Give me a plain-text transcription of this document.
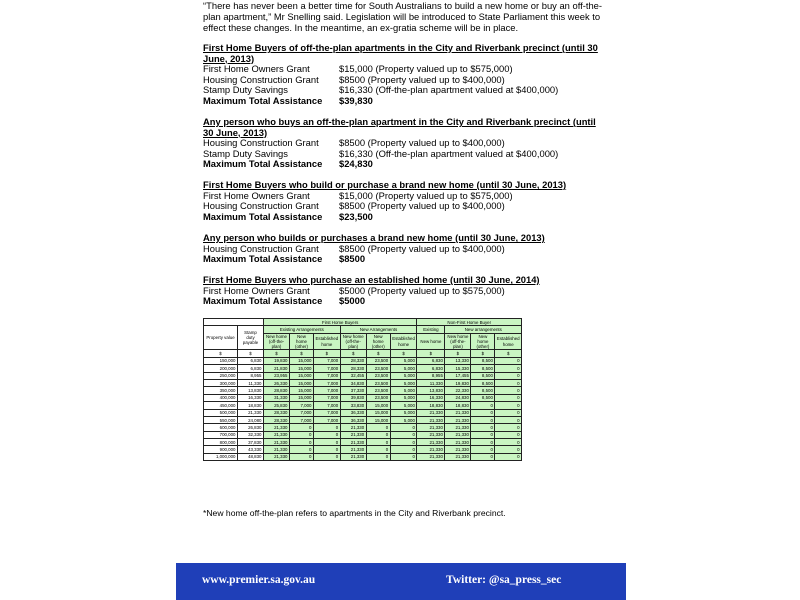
“There has never been a better time for South Australians to build a new home or buy an off-the-plan apartment,” Mr Snelling said. Legislation will be introduced to State Parliament this week to effect these changes. In the meantime, an ex-gratia scheme will be in place.

First Home Buyers of off-the-plan apartments in the City and Riverbank precinct (until 30 June, 2013)

First Home Owners Grant	$15,000 (Property valued up to $575,000)
Housing Construction Grant	$8500 (Property valued up to $400,000)
Stamp Duty Savings	$16,330 (Off-the-plan apartment valued at $400,000)
Maximum Total Assistance	$39,830

Any person who buys an off-the-plan apartment in the City and Riverbank precinct (until 30 June, 2013)

Housing Construction Grant	$8500 (Property valued up to $400,000)
Stamp Duty Savings	$16,330 (Off-the-plan apartment valued at $400,000)
Maximum Total Assistance	$24,830

First Home Buyers who build or purchase a brand new home (until 30 June, 2013)

First Home Owners Grant	$15,000 (Property valued up to $575,000)
Housing Construction Grant	$8500 (Property valued up to $400,000)
Maximum Total Assistance	$23,500

Any person who builds or purchases a brand new home (until 30 June, 2013)

Housing Construction Grant	$8500 (Property valued up to $400,000)
Maximum Total Assistance	$8500

First Home Buyers who purchase an established home (until 30 June, 2014)

First Home Owners Grant	$5000 (Property valued up to $575,000)
Maximum Total Assistance	$5000
		First Home Buyers						Non-First Home Buyer			
Property value	Stamp duty payable	Existing Arrangements			New Arrangements			Existing	New arrangements		
		New home (off-the-plan)	New home (other)	Established home	New home (off-the-plan)	New home (other)	Established home	New home	New home (off-the-plan)	New home (other)	Established home
$	$	$	$	$	$	$	$	$	$	$	$
150,000	6,830	19,830	15,000	7,000	28,330	23,500	5,000	6,830	13,330	8,500	0
200,000	6,830	21,830	15,000	7,000	28,330	23,500	5,000	6,830	15,330	8,500	0
250,000	8,955	23,955	15,000	7,000	32,455	23,500	5,000	8,955	17,455	8,500	0
300,000	11,330	26,330	15,000	7,000	34,830	23,500	5,000	11,330	19,830	8,500	0
350,000	13,830	28,830	15,000	7,000	37,330	23,500	5,000	13,830	22,330	8,500	0
400,000	16,330	31,330	15,000	7,000	39,830	23,500	5,000	16,330	24,830	8,500	0
450,000	18,830	25,830	7,000	7,000	33,830	15,000	5,000	18,830	18,830	0	0
500,000	21,330	28,330	7,000	7,000	36,330	15,000	5,000	21,330	21,330	0	0
550,000	24,080	28,330	7,000	7,000	36,330	15,000	5,000	21,330	21,330	0	0
600,000	26,830	21,330	0	0	21,330	0	0	21,330	21,330	0	0
700,000	32,330	21,330	0	0	21,330	0	0	21,330	21,330	0	0
800,000	37,830	21,330	0	0	21,330	0	0	21,330	21,330	0	0
900,000	43,330	21,330	0	0	21,330	0	0	21,330	21,330	0	0
1,000,000	48,830	21,330	0	0	21,330	0	0	21,330	21,330	0	0

*New home off-the-plan refers to apartments in the City and Riverbank precinct.

www.premier.sa.gov.au	Twitter: @sa_press_sec
